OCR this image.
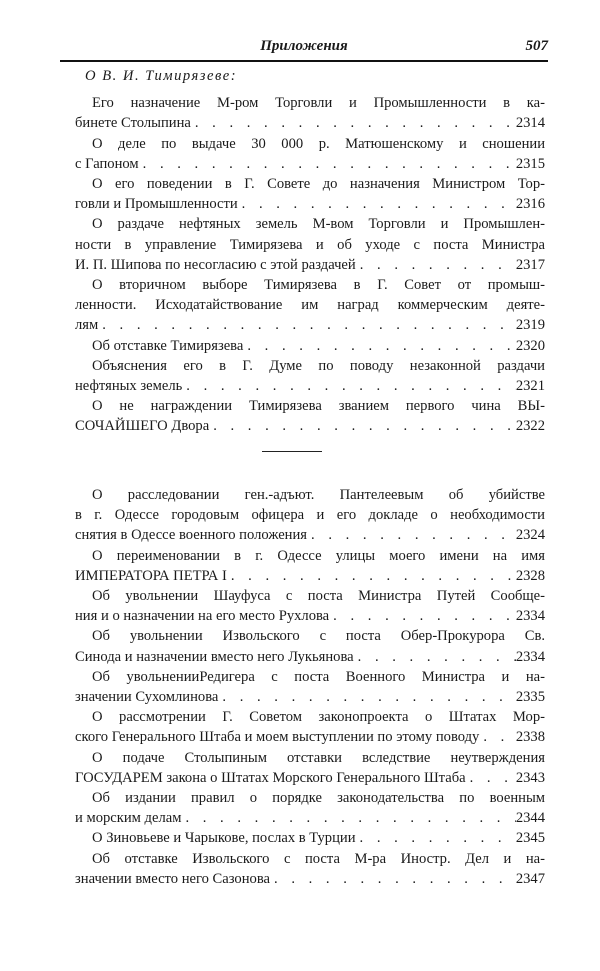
Приложения	507
О В. И. Тимирязеве:
Его назначение М-ром Торговли и Промышленности в ка-
бинете Столыпина . . .	2314
О деле по выдаче 30 000 р. Матюшенскому и сношении
с Гапоном . . .	2315
О его поведении в Г. Совете до назначения Министром Тор-
говли и Промышленности . . .	2316
О раздаче нефтяных земель М-вом Торговли и Промышлен-
ности в управление Тимирязева и об уходе с поста Министра
И. П. Шипова по несогласию с этой раздачей . . .	2317
О вторичном выборе Тимирязева в Г. Совет от промыш-
ленности. Исходатайствование им наград коммерческим деяте-
лям . . .	2319
Об отставке Тимирязева . . .	2320
Объяснения его в Г. Думе по поводу незаконной раздачи
нефтяных земель . . .	2321
О не награждении Тимирязева званием первого чина ВЫ-
СОЧАЙШЕГО Двора . . .	2322
О расследовании ген.-адъют. Пантелеевым об убийстве
в г. Одессе городовым офицера и его докладе о необходимости
снятия в Одессе военного положения . . .	2324
О переименовании в г. Одессе улицы моего имени на имя
ИМПЕРАТОРА ПЕТРА I . . .	2328
Об увольнении Шауфуса с поста Министра Путей Сообще-
ния и о назначении на его место Рухлова . . .	2334
Об увольнении Извольского с поста Обер-Прокурора Св.
Синода и назначении вместо него Лукьянова . . .	2334
Об увольненииРедигера с поста Военного Министра и на-
значении Сухомлинова . . .	2335
О рассмотрении Г. Советом законопроекта о Штатах Мор-
ского Генерального Штаба и моем выступлении по этому поводу . . . 2338
О подаче Столыпиным отставки вследствие неутверждения
ГОСУДАРЕМ закона о Штатах Морского Генерального Штаба . . .	2343
Об издании правил о порядке законодательства по военным
и морским делам . . .	2344
О Зиновьеве и Чарыкове, послах в Турции . . .	2345
Об отставке Извольского с поста М-ра Иностр. Дел и на-
значении вместо него Сазонова . . .	2347
